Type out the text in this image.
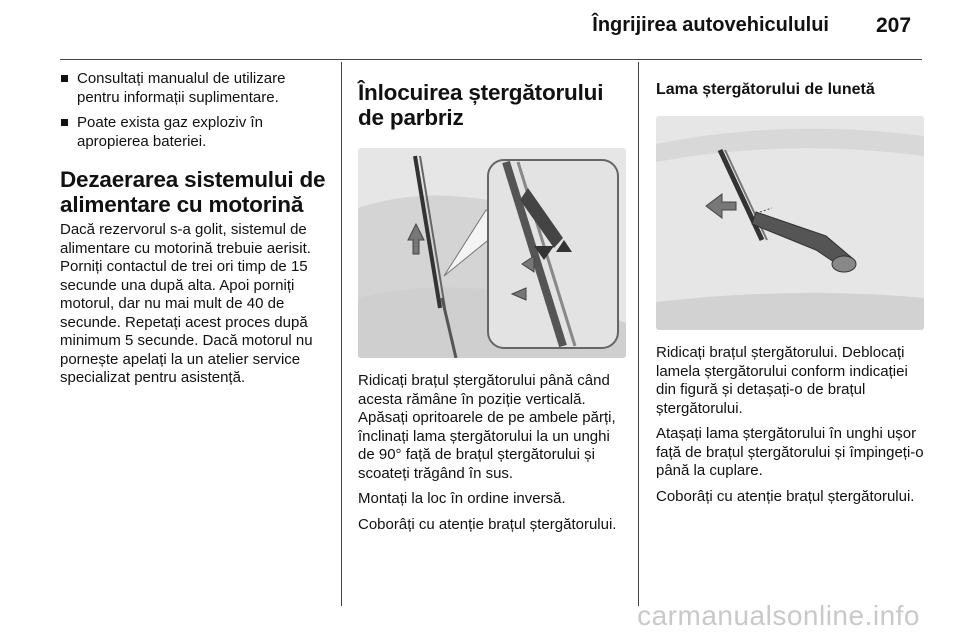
Îngrijirea autovehiculului 207
Consultați manualul de utilizare pentru informații suplimentare.
Poate exista gaz exploziv în apropierea bateriei.
Dezaerarea sistemului de alimentare cu motorină

Dacă rezervorul s-a golit, sistemul de alimentare cu motorină trebuie aerisit. Porniți contactul de trei ori timp de 15 secunde una după alta. Apoi porniți motorul, dar nu mai mult de 40 de secunde. Repetați acest proces după minimum 5 secunde. Dacă motorul nu pornește apelați la un atelier service specializat pentru asistență.

Înlocuirea ștergătorului de parbriz

Ridicați brațul ștergătorului până când acesta rămâne în poziție verticală. Apăsați opritoarele de pe ambele părți, înclinați lama ștergătorului la un unghi de 90° față de brațul ștergătorului și scoateți trăgând în sus.

Montați la loc în ordine inversă.

Coborâți cu atenție brațul ștergătorului.

Lama ștergătorului de lunetă

Ridicați brațul ștergătorului. Deblocați lamela ștergătorului conform indicației din figură și detașați-o de brațul ștergătorului.

Atașați lama ștergătorului în unghi ușor față de brațul ștergătorului și împingeți-o până la cuplare.

Coborâți cu atenție brațul ștergătorului.

carmanualsonline.info
